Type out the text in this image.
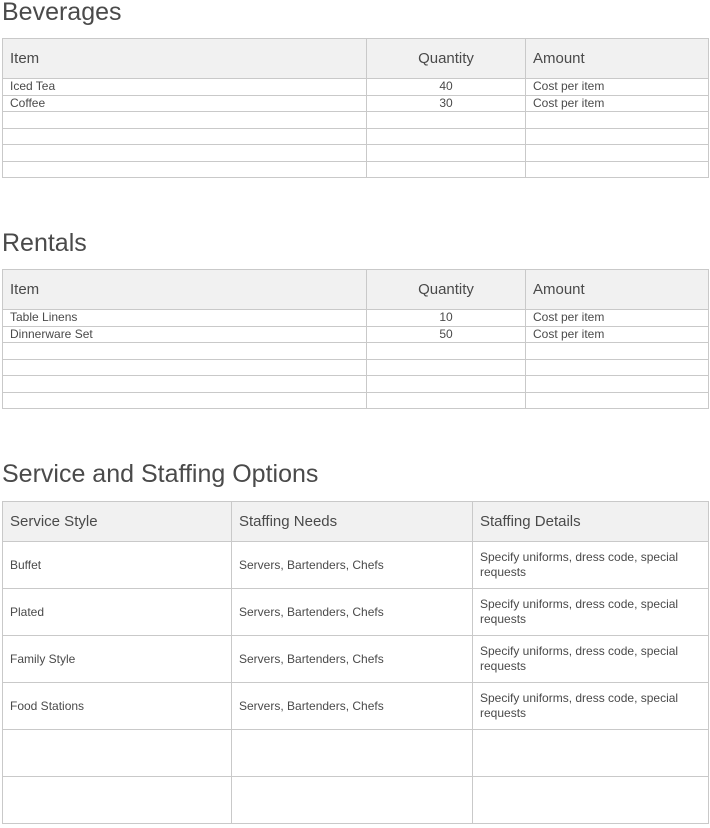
Beverages
Item	Quantity	Amount
Iced Tea	40	Cost per item
Coffee	30	Cost per item

Rentals
Item	Quantity	Amount
Table Linens	10	Cost per item
Dinnerware Set	50	Cost per item

Service and Staffing Options
Service Style	Staffing Needs	Staffing Details
Buffet	Servers, Bartenders, Chefs	Specify uniforms, dress code, special requests
Plated	Servers, Bartenders, Chefs	Specify uniforms, dress code, special requests
Family Style	Servers, Bartenders, Chefs	Specify uniforms, dress code, special requests
Food Stations	Servers, Bartenders, Chefs	Specify uniforms, dress code, special requests
